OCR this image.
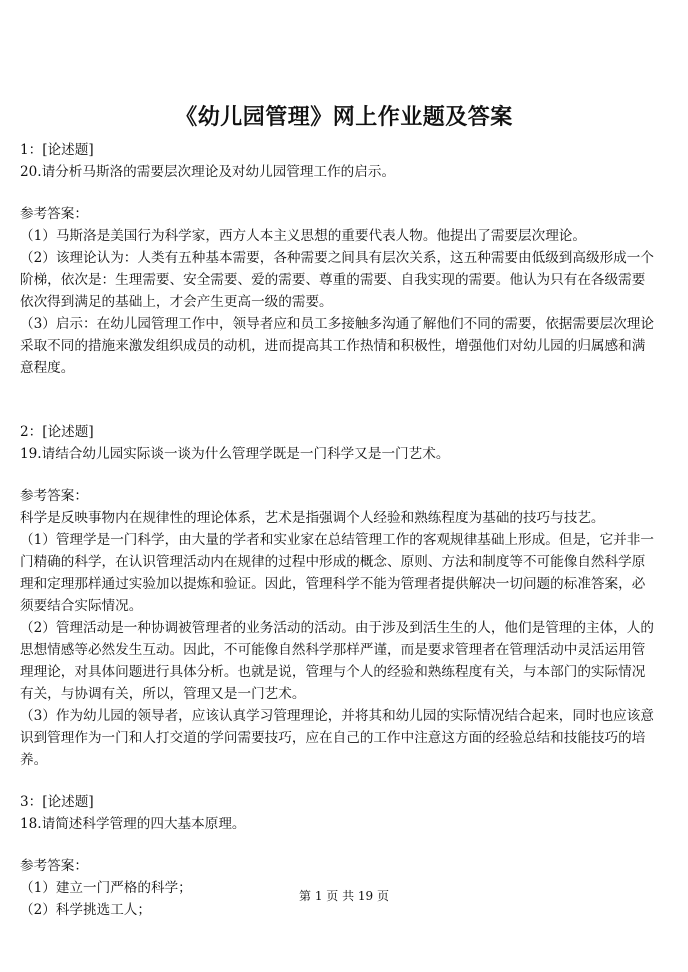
《幼儿园管理》网上作业题及答案
1：[论述题]
20.请分析马斯洛的需要层次理论及对幼儿园管理工作的启示。
参考答案：
（1）马斯洛是美国行为科学家，西方人本主义思想的重要代表人物。他提出了需要层次理论。
（2）该理论认为：人类有五种基本需要，各种需要之间具有层次关系，这五种需要由低级到高级形成一个
阶梯，依次是：生理需要、安全需要、爱的需要、尊重的需要、自我实现的需要。他认为只有在各级需要
依次得到满足的基础上，才会产生更高一级的需要。
（3）启示：在幼儿园管理工作中，领导者应和员工多接触多沟通了解他们不同的需要，依据需要层次理论
采取不同的措施来激发组织成员的动机，进而提高其工作热情和积极性，增强他们对幼儿园的归属感和满
意程度。
2：[论述题]
19.请结合幼儿园实际谈一谈为什么管理学既是一门科学又是一门艺术。
参考答案：
科学是反映事物内在规律性的理论体系，艺术是指强调个人经验和熟练程度为基础的技巧与技艺。
（1）管理学是一门科学，由大量的学者和实业家在总结管理工作的客观规律基础上形成。但是，它并非一
门精确的科学，在认识管理活动内在规律的过程中形成的概念、原则、方法和制度等不可能像自然科学原
理和定理那样通过实验加以提炼和验证。因此，管理科学不能为管理者提供解决一切问题的标准答案，必
须要结合实际情况。
（2）管理活动是一种协调被管理者的业务活动的活动。由于涉及到活生生的人，他们是管理的主体，人的
思想情感等必然发生互动。因此，不可能像自然科学那样严谨，而是要求管理者在管理活动中灵活运用管
理理论，对具体问题进行具体分析。也就是说，管理与个人的经验和熟练程度有关，与本部门的实际情况
有关，与协调有关，所以，管理又是一门艺术。
（3）作为幼儿园的领导者，应该认真学习管理理论，并将其和幼儿园的实际情况结合起来，同时也应该意
识到管理作为一门和人打交道的学问需要技巧，应在自己的工作中注意这方面的经验总结和技能技巧的培
养。
3：[论述题]
18.请简述科学管理的四大基本原理。
参考答案：
（1）建立一门严格的科学；
（2）科学挑选工人；
第 1 页 共 19 页
